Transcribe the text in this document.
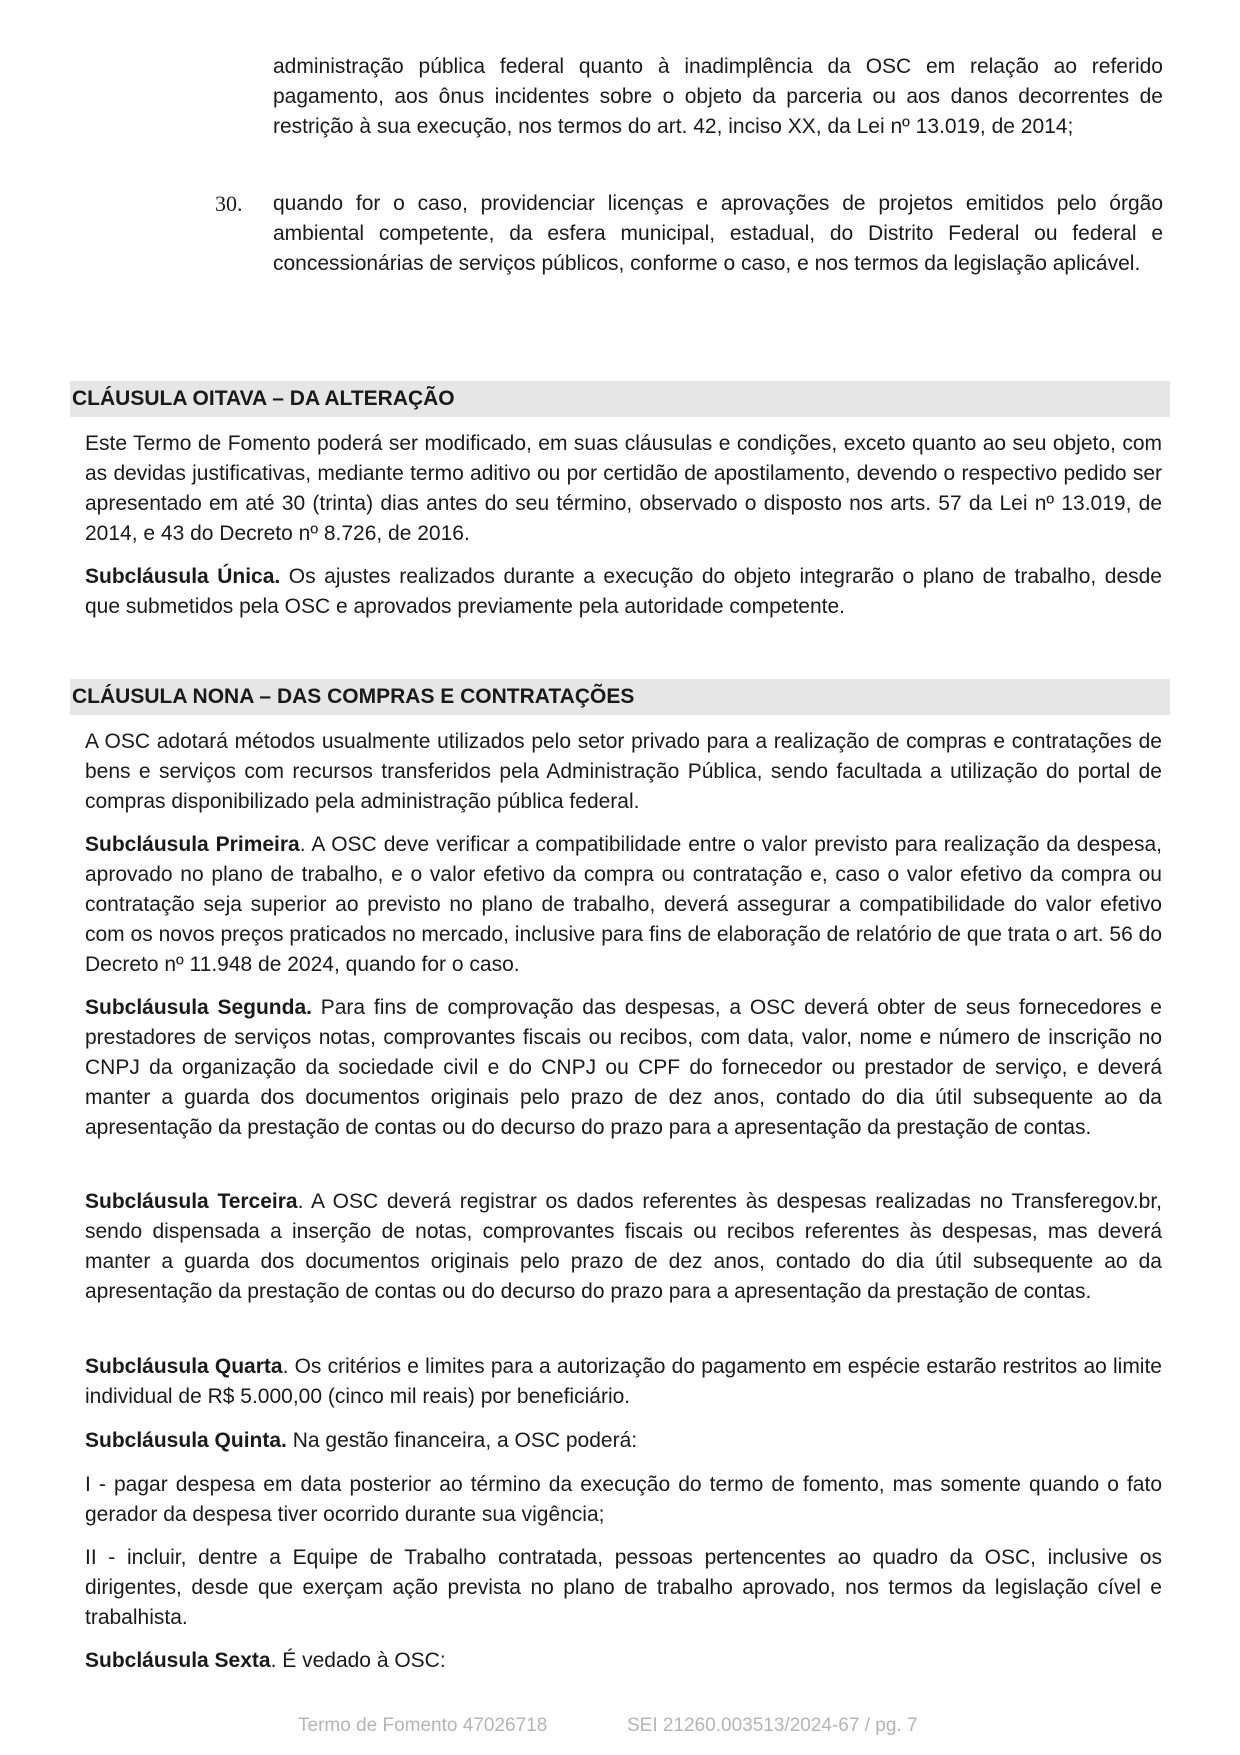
administração pública federal quanto à inadimplência da OSC em relação ao referido pagamento, aos ônus incidentes sobre o objeto da parceria ou aos danos decorrentes de restrição à sua execução, nos termos do art. 42, inciso XX, da Lei nº 13.019, de 2014;
30. quando for o caso, providenciar licenças e aprovações de projetos emitidos pelo órgão ambiental competente, da esfera municipal, estadual, do Distrito Federal ou federal e concessionárias de serviços públicos, conforme o caso, e nos termos da legislação aplicável.
CLÁUSULA OITAVA – DA ALTERAÇÃO
Este Termo de Fomento poderá ser modificado, em suas cláusulas e condições, exceto quanto ao seu objeto, com as devidas justificativas, mediante termo aditivo ou por certidão de apostilamento, devendo o respectivo pedido ser apresentado em até 30 (trinta) dias antes do seu término, observado o disposto nos arts. 57 da Lei nº 13.019, de 2014, e 43 do Decreto nº 8.726, de 2016.
Subcláusula Única. Os ajustes realizados durante a execução do objeto integrarão o plano de trabalho, desde que submetidos pela OSC e aprovados previamente pela autoridade competente.
CLÁUSULA NONA – DAS COMPRAS E CONTRATAÇÕES
A OSC adotará métodos usualmente utilizados pelo setor privado para a realização de compras e contratações de bens e serviços com recursos transferidos pela Administração Pública, sendo facultada a utilização do portal de compras disponibilizado pela administração pública federal.
Subcláusula Primeira. A OSC deve verificar a compatibilidade entre o valor previsto para realização da despesa, aprovado no plano de trabalho, e o valor efetivo da compra ou contratação e, caso o valor efetivo da compra ou contratação seja superior ao previsto no plano de trabalho, deverá assegurar a compatibilidade do valor efetivo com os novos preços praticados no mercado, inclusive para fins de elaboração de relatório de que trata o art. 56 do Decreto nº 11.948 de 2024, quando for o caso.
Subcláusula Segunda. Para fins de comprovação das despesas, a OSC deverá obter de seus fornecedores e prestadores de serviços notas, comprovantes fiscais ou recibos, com data, valor, nome e número de inscrição no CNPJ da organização da sociedade civil e do CNPJ ou CPF do fornecedor ou prestador de serviço, e deverá manter a guarda dos documentos originais pelo prazo de dez anos, contado do dia útil subsequente ao da apresentação da prestação de contas ou do decurso do prazo para a apresentação da prestação de contas.
Subcláusula Terceira. A OSC deverá registrar os dados referentes às despesas realizadas no Transferegov.br, sendo dispensada a inserção de notas, comprovantes fiscais ou recibos referentes às despesas, mas deverá manter a guarda dos documentos originais pelo prazo de dez anos, contado do dia útil subsequente ao da apresentação da prestação de contas ou do decurso do prazo para a apresentação da prestação de contas.
Subcláusula Quarta. Os critérios e limites para a autorização do pagamento em espécie estarão restritos ao limite individual de R$ 5.000,00 (cinco mil reais) por beneficiário.
Subcláusula Quinta. Na gestão financeira, a OSC poderá:
I - pagar despesa em data posterior ao término da execução do termo de fomento, mas somente quando o fato gerador da despesa tiver ocorrido durante sua vigência;
II - incluir, dentre a Equipe de Trabalho contratada, pessoas pertencentes ao quadro da OSC, inclusive os dirigentes, desde que exerçam ação prevista no plano de trabalho aprovado, nos termos da legislação cível e trabalhista.
Subcláusula Sexta. É vedado à OSC:
Termo de Fomento 47026718	SEI 21260.003513/2024-67 / pg. 7
